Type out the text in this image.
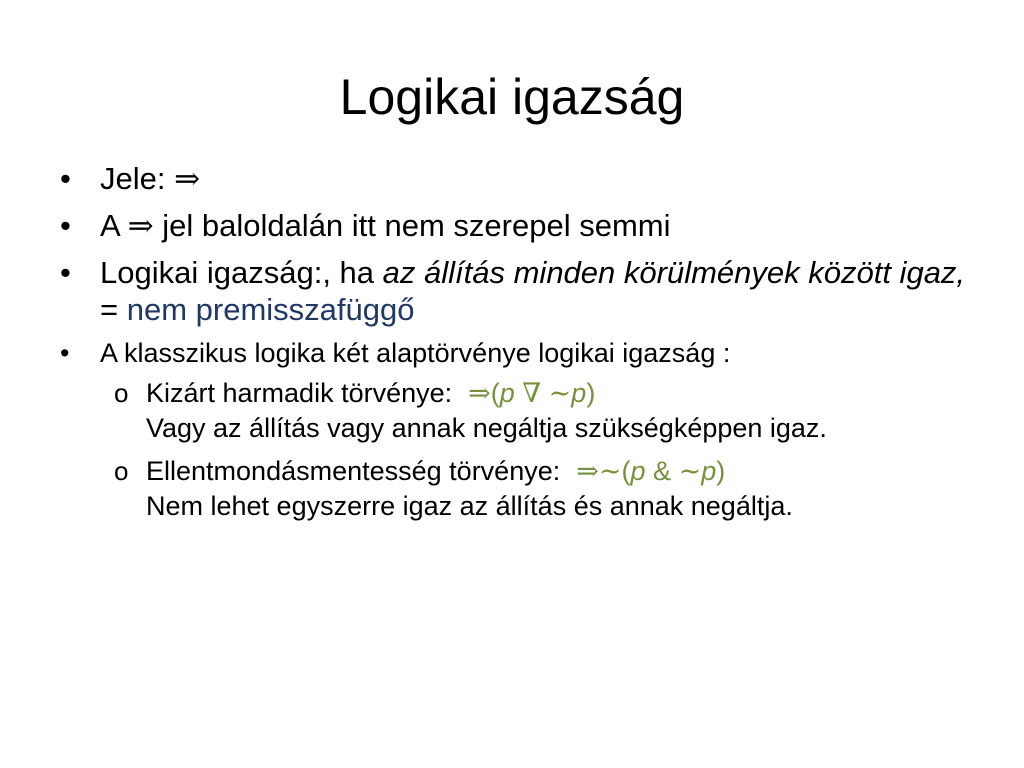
Logikai igazság
• Jele: ⇒
• A ⇒ jel baloldalán itt nem szerepel semmi
• Logikai igazság:, ha az állítás minden körülmények között igaz, = nem premisszafüggő
• A klasszikus logika két alaptörvénye logikai igazság :
o Kizárt harmadik törvénye: ⇒(p ∇ ∼p)
Vagy az állítás vagy annak negáltja szükségképpen igaz.
o Ellentmondásmentesség törvénye: ⇒∼(p & ∼p)
Nem lehet egyszerre igaz az állítás és annak negáltja.
